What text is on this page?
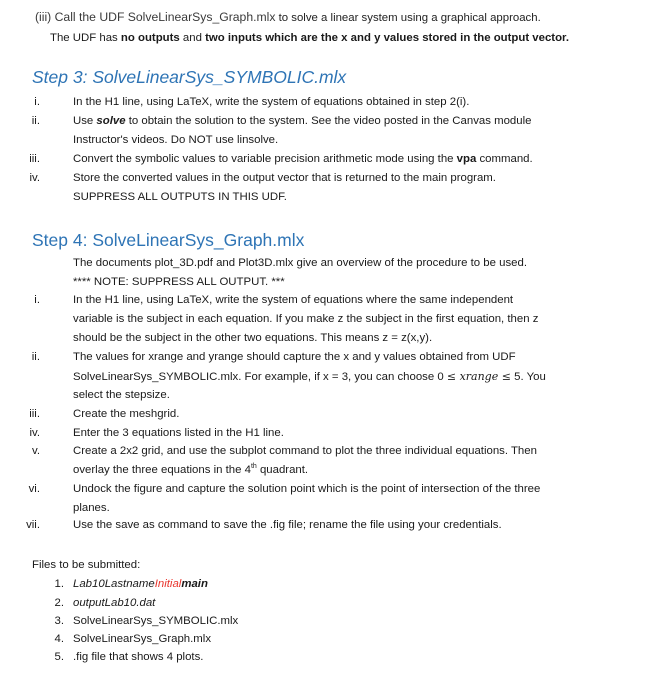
(iii) Call the UDF SolveLinearSys_Graph.mlx to solve a linear system using a graphical approach.
The UDF has no outputs and two inputs which are the x and y values stored in the output vector.
Step 3: SolveLinearSys_SYMBOLIC.mlx
i.	In the H1 line, using LaTeX, write the system of equations obtained in step 2(i).
ii.	Use solve to obtain the solution to the system. See the video posted in the Canvas module
Instructor's videos. Do NOT use linsolve.
iii.	Convert the symbolic values to variable precision arithmetic mode using the vpa command.
iv.	Store the converted values in the output vector that is returned to the main program.
SUPPRESS ALL OUTPUTS IN THIS UDF.
Step 4: SolveLinearSys_Graph.mlx
The documents plot_3D.pdf and Plot3D.mlx give an overview of the procedure to be used.
**** NOTE: SUPPRESS ALL OUTPUT. ***
i.	In the H1 line, using LaTeX, write the system of equations where the same independent
variable is the subject in each equation. If you make z the subject in the first equation, then z
should be the subject in the other two equations. This means z = z(x,y).
ii.	The values for xrange and yrange should capture the x and y values obtained from UDF
SolveLinearSys_SYMBOLIC.mlx. For example, if x = 3, you can choose 0 ≤ xrange ≤ 5. You
select the stepsize.
iii.	Create the meshgrid.
iv.	Enter the 3 equations listed in the H1 line.
v.	Create a 2x2 grid, and use the subplot command to plot the three individual equations. Then
overlay the three equations in the 4th quadrant.
vi.	Undock the figure and capture the solution point which is the point of intersection of the three
planes.
vii.	Use the save as command to save the .fig file; rename the file using your credentials.
Files to be submitted:
1. Lab10LastnameInitialmain
2. outputLab10.dat
3. SolveLinearSys_SYMBOLIC.mlx
4. SolveLinearSys_Graph.mlx
5. .fig file that shows 4 plots.
